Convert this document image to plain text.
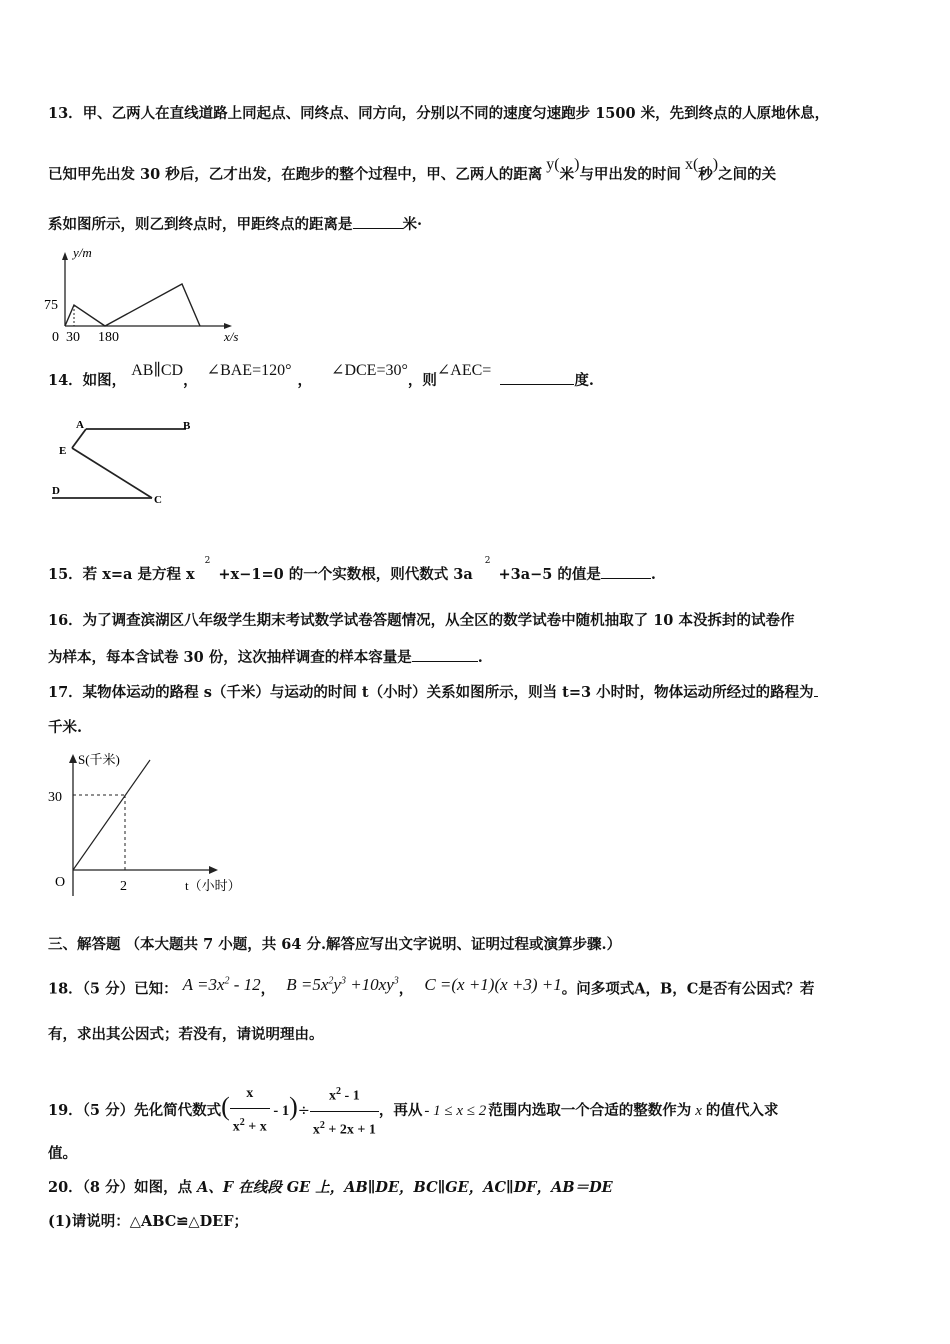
13．甲、乙两人在直线道路上同起点、同终点、同方向，分别以不同的速度匀速跑步 1500 米，先到终点的人原地休息，
已知甲先出发 30 秒后，乙才出发，在跑步的整个过程中，甲、乙两人的距离y(米)与甲出发的时间x(秒)之间的关
系如图所示，则乙到终点时，甲距终点的距离是	米·
y/m
x/s
75
0 30 180
14．如图， AB∥CD， ∠BAE=120°， ∠DCE=30°，则∠AEC= 度.
A	B
E
D
C
15．若 x=a 是方程 $x^2+x-1=0$ 的一个实数根，则代数式 $3a^2+3a-5$ 的值是	.
16．为了调查滨湖区八年级学生期末考试数学试卷答题情况，从全区的数学试卷中随机抽取了 10 本没拆封的试卷作
为样本，每本含试卷 30 份，这次抽样调查的样本容量是	.
17．某物体运动的路程 s（千米）与运动的时间 t（小时）关系如图所示，则当 t=3 小时时，物体运动所经过的路程为
千米.
S(千米)
30
2
O	t（小时）
三、解答题 （本大题共 7 小题，共 64 分.解答应写出文字说明、证明过程或演算步骤.）
18．（5 分）已知： $A =3x^2 - 12$， $B =5x^2y^3 +10xy^3$， C =(x +1)(x +3) +1。问多项式A，B，C是否有公因式？若
有，求出其公因式；若没有，请说明理由。
19．（5 分）先化简代数式( $\frac{x}{x^2 + x} - 1)\div \frac{x^2 - 1}{x^2 + 2x + 1}$ ，再从 - 1 ≤ x ≤ 2 范围内选取一个合适的整数作为 x 的值代入求
值。
20．（8 分）如图，点 A、F 在线段 GE 上，AB∥DE，BC∥GE，AC∥DF，AB＝DE
(1)请说明：△ABC≌△DEF；
